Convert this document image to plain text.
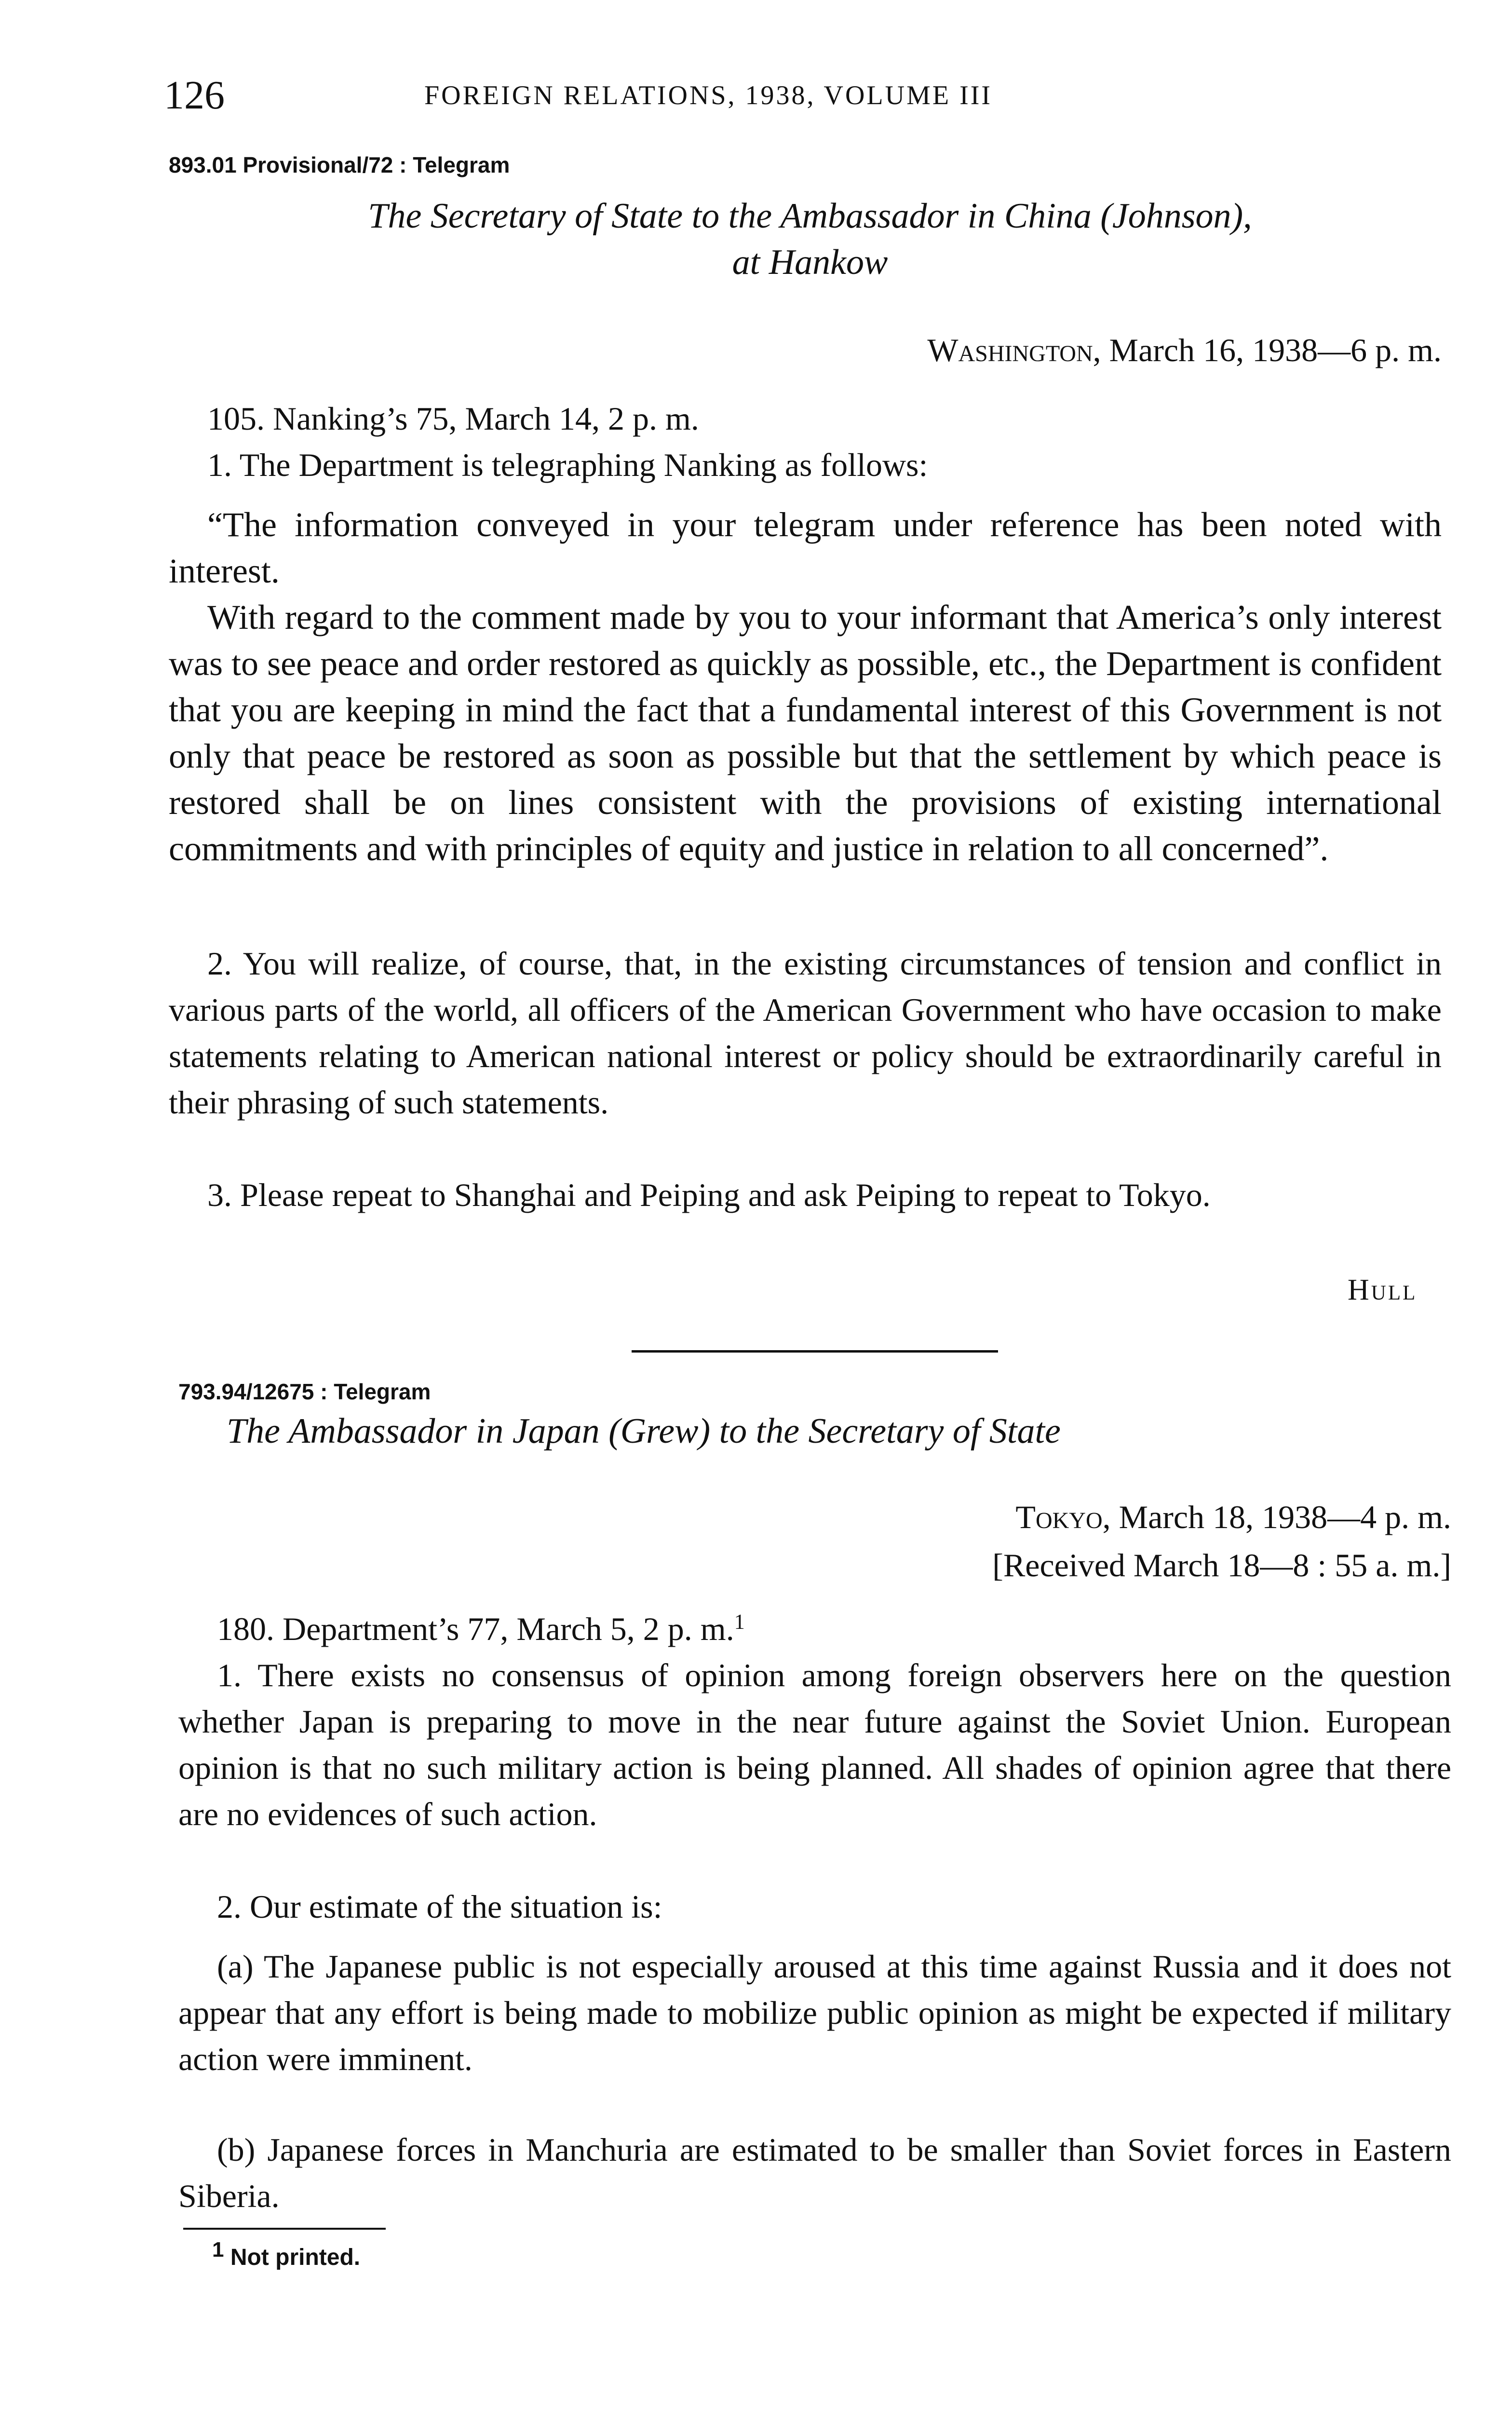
126	FOREIGN RELATIONS, 1938, VOLUME III
893.01 Provisional/72 : Telegram
The Secretary of State to the Ambassador in China (Johnson),
at Hankow
Washington, March 16, 1938—6 p. m.
105. Nanking’s 75, March 14, 2 p. m.
1. The Department is telegraphing Nanking as follows:
“The information conveyed in your telegram under reference has been noted with interest.
With regard to the comment made by you to your informant that America’s only interest was to see peace and order restored as quickly as possible, etc., the Department is confident that you are keeping in mind the fact that a fundamental interest of this Government is not only that peace be restored as soon as possible but that the settlement by which peace is restored shall be on lines consistent with the provisions of existing international commitments and with principles of equity and justice in relation to all concerned”.
2. You will realize, of course, that, in the existing circumstances of tension and conflict in various parts of the world, all officers of the American Government who have occasion to make statements relating to American national interest or policy should be extraordinarily careful in their phrasing of such statements.
3. Please repeat to Shanghai and Peiping and ask Peiping to repeat to Tokyo.
Hull
793.94/12675 : Telegram
The Ambassador in Japan (Grew) to the Secretary of State
Tokyo, March 18, 1938—4 p. m.
[Received March 18—8 : 55 a. m.]
180. Department’s 77, March 5, 2 p. m.$^1$
1. There exists no consensus of opinion among foreign observers here on the question whether Japan is preparing to move in the near future against the Soviet Union. European opinion is that no such military action is being planned. All shades of opinion agree that there are no evidences of such action.
2. Our estimate of the situation is:
(a) The Japanese public is not especially aroused at this time against Russia and it does not appear that any effort is being made to mobilize public opinion as might be expected if military action were imminent.
(b) Japanese forces in Manchuria are estimated to be smaller than Soviet forces in Eastern Siberia.
$^1$ Not printed.
